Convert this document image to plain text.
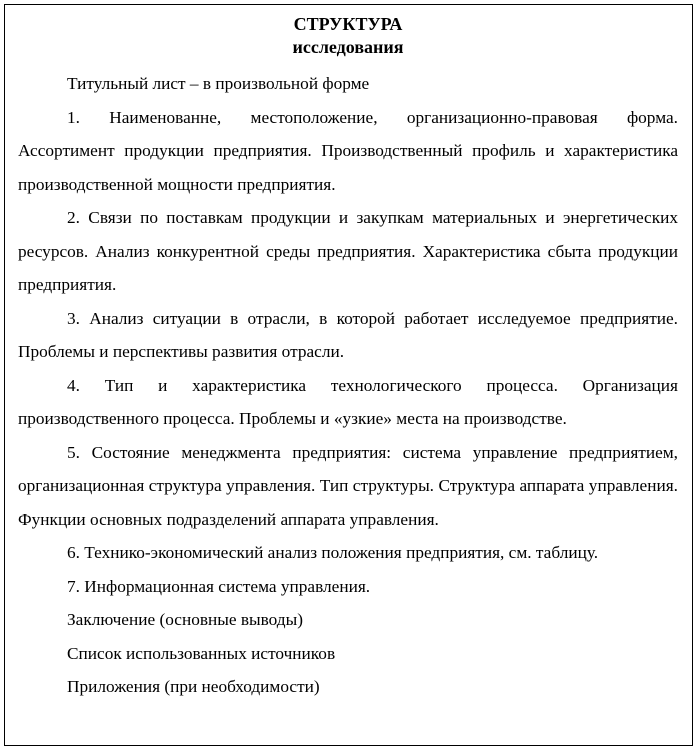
СТРУКТУРА

исследования

Титульный лист – в произвольной форме

1. Наименованне, местоположение, организационно-правовая форма. Ассортимент продукции предприятия. Производственный профиль и характеристика производственной мощности предприятия.

2. Связи по поставкам продукции и закупкам материальных и энергетических ресурсов. Анализ конкурентной среды предприятия. Характеристика сбыта продукции предприятия.

3. Анализ ситуации в отрасли, в которой работает исследуемое предприятие. Проблемы и перспективы развития отрасли.

4. Тип и характеристика технологического процесса. Организация производственного процесса. Проблемы и «узкие» места на производстве.

5. Состояние менеджмента предприятия: система управление предприятием, организационная структура управления. Тип структуры. Структура аппарата управления. Функции основных подразделений аппарата управления.

6. Технико-экономический анализ положения предприятия, см. таблицу.

7. Информационная система управления.

Заключение (основные выводы)

Список использованных источников

Приложения (при необходимости)
